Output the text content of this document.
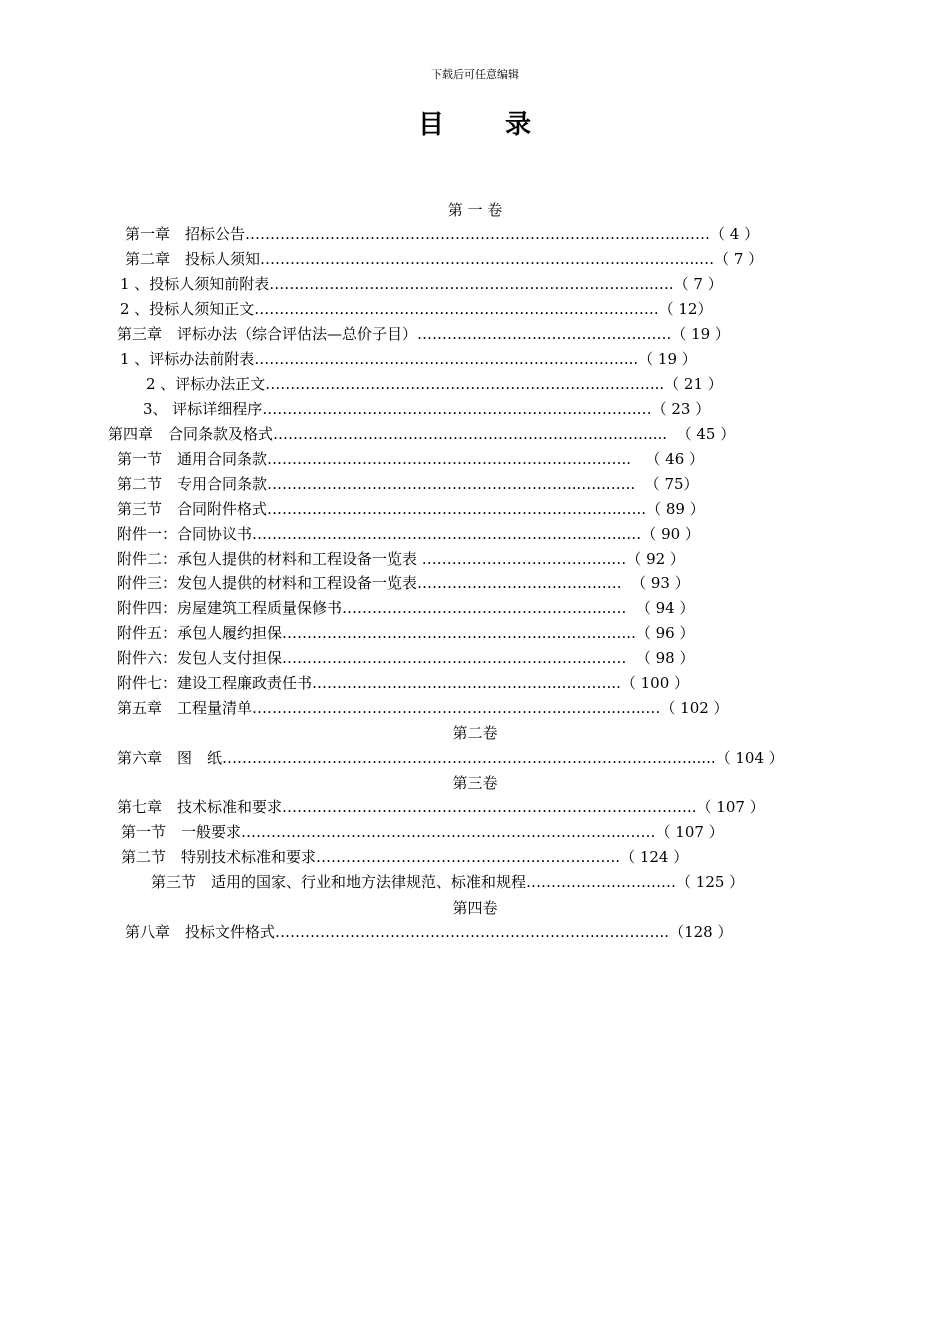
下载后可任意编辑
目 录
第 一 卷
第一章　招标公告…………………………………………………………………………………（ 4 ）
第二章　投标人须知………………………………………………………………..…………..…（ 7 ）
1 、投标人须知前附表…………………………………………………………………..….（ 7 ）
2 、投标人须知正文……………………………………………………..……………….（ 12）
第三章　评标办法（综合评估法—总价子目）……………………..…………………….（ 19 ）
1 、评标办法前附表……………………………………………..…………………...（ 19 ）
2 、评标办法正文…………………………………………………………..………...（ 21 ）
3、 评标详细程序………………………………………………………..……….…（ 23 ）
第四章　合同条款及格式…………………………………………………………………....  （ 45 ）
第一节　通用合同条款……………………………………………………….….…..   （ 46 ）
第二节　专用合同条款……………………………………………………...…...…..  （ 75）
第三节　合同附件格式……………………………………………………………..…..（ 89 ）
附件一：合同协议书…………………………………………………………….…..…（ 90 ）
附件二：承包人提供的材料和工程设备一览表 ………………………………..…（ 92 ）
附件三：发包人提供的材料和工程设备一览表……………………………….….  （ 93 ）
附件四：房屋建筑工程质量保修书……………………………………………..….  （ 94 ）
附件五：承包人履约担保……………………………………………..……………...（ 96 ）
附件六：发包人支付担保……………………………………………………..…….  （ 98 ）
附件七：建设工程廉政责任书…………………………………………..………...（ 100 ）
第五章　工程量清单……………………………………………………..………...…..…（ 102 ）
第二卷
第六章　图　纸…………………………………………………………………………………......（ 104 ）
第三卷
第七章　技术标准和要求………………………………………………………………………..（ 107 ）
第一节　一般要求…………………………………………………………………..……（ 107 ）
第二节　特别技术标准和要求……………………………………..……………..（ 124 ）
第三节　适用的国家、行业和地方法律规范、标准和规程…………………………（ 125 ）
第四卷
第八章　投标文件格式………………………………………………………..…………..（128 ）
